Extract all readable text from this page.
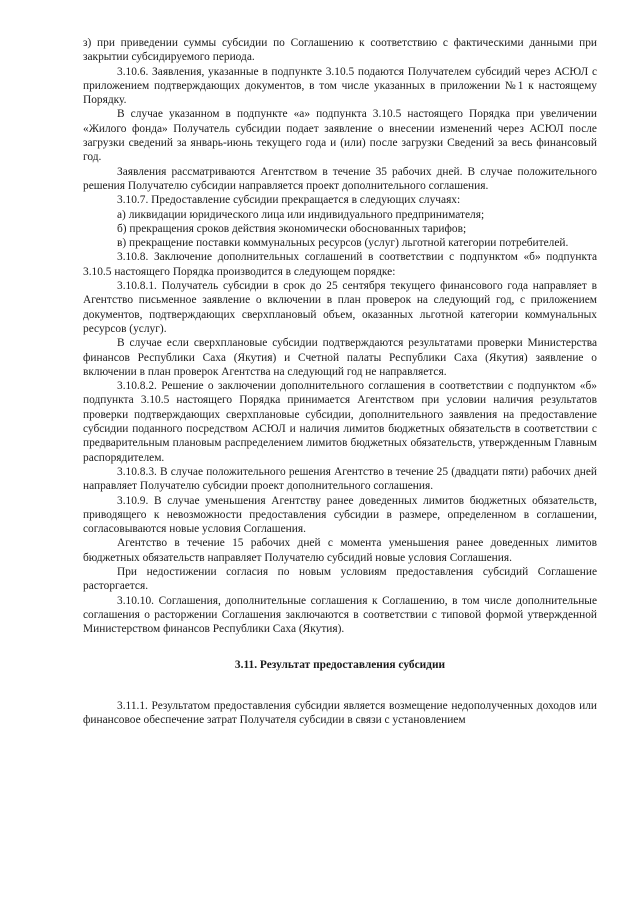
з) при приведении суммы субсидии по Соглашению к соответствию с фактическими данными при закрытии субсидируемого периода.

3.10.6. Заявления, указанные в подпункте 3.10.5 подаются Получателем субсидий через АСЮЛ с приложением подтверждающих документов, в том числе указанных в приложении №1 к настоящему Порядку.

В случае указанном в подпункте «а» подпункта 3.10.5 настоящего Порядка при увеличении «Жилого фонда» Получатель субсидии подает заявление о внесении изменений через АСЮЛ после загрузки сведений за январь-июнь текущего года и (или) после загрузки Сведений за весь финансовый год.

Заявления рассматриваются Агентством в течение 35 рабочих дней. В случае положительного решения Получателю субсидии направляется проект дополнительного соглашения.

3.10.7. Предоставление субсидии прекращается в следующих случаях:

а) ликвидации юридического лица или индивидуального предпринимателя;

б) прекращения сроков действия экономически обоснованных тарифов;

в) прекращение поставки коммунальных ресурсов (услуг) льготной категории потребителей.

3.10.8. Заключение дополнительных соглашений в соответствии с подпунктом «б» подпункта 3.10.5 настоящего Порядка производится в следующем порядке:

3.10.8.1. Получатель субсидии в срок до 25 сентября текущего финансового года направляет в Агентство письменное заявление о включении в план проверок на следующий год, с приложением документов, подтверждающих сверхплановый объем, оказанных льготной категории коммунальных ресурсов (услуг).

В случае если сверхплановые субсидии подтверждаются результатами проверки Министерства финансов Республики Саха (Якутия) и Счетной палаты Республики Саха (Якутия) заявление о включении в план проверок Агентства на следующий год не направляется.

3.10.8.2. Решение о заключении дополнительного соглашения в соответствии с подпунктом «б» подпункта 3.10.5 настоящего Порядка принимается Агентством при условии наличия результатов проверки подтверждающих сверхплановые субсидии, дополнительного заявления на предоставление субсидии поданного посредством АСЮЛ и наличия лимитов бюджетных обязательств в соответствии с предварительным плановым распределением лимитов бюджетных обязательств, утвержденным Главным распорядителем.

3.10.8.3. В случае положительного решения Агентство в течение 25 (двадцати пяти) рабочих дней направляет Получателю субсидии проект дополнительного соглашения.

3.10.9. В случае уменьшения Агентству ранее доведенных лимитов бюджетных обязательств, приводящего к невозможности предоставления субсидии в размере, определенном в соглашении, согласовываются новые условия Соглашения.

Агентство в течение 15 рабочих дней с момента уменьшения ранее доведенных лимитов бюджетных обязательств направляет Получателю субсидий новые условия Соглашения.

При недостижении согласия по новым условиям предоставления субсидий Соглашение расторгается.

3.10.10. Соглашения, дополнительные соглашения к Соглашению, в том числе дополнительные соглашения о расторжении Соглашения заключаются в соответствии с типовой формой утвержденной Министерством финансов Республики Саха (Якутия).

3.11. Результат предоставления субсидии

3.11.1. Результатом предоставления субсидии является возмещение недополученных доходов или финансовое обеспечение затрат Получателя субсидии в связи с установлением
